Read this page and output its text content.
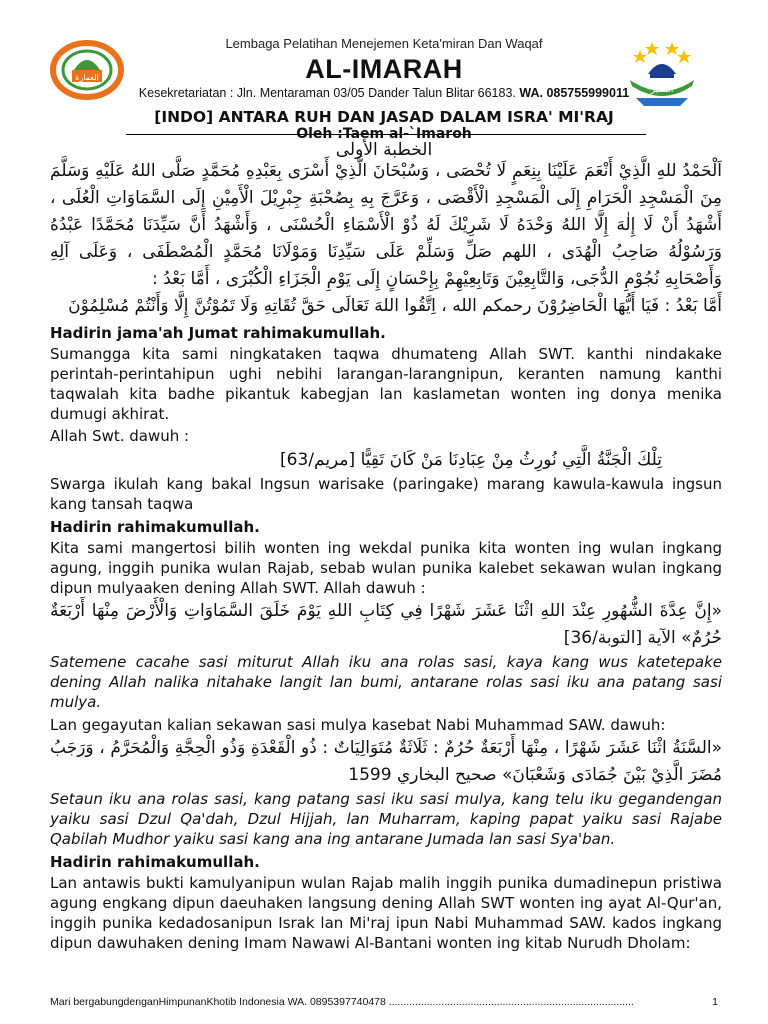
العمارة
Lembaga Pelatihan Menejemen Keta'miran Dan Waqaf
AL-IMARAH
Kesekretariatan : Jln. Mentaraman 03/05 Dander Talun Blitar 66183. WA. 085755999011	الفمير
[INDO] ANTARA RUH DAN JASAD DALAM ISRA' MI'RAJ
Oleh :Taem al-`Imaroh
الخطبة الأولى

اَلْحَمْدُ للهِ الَّذِيْ أَنْعَمَ عَلَيْنَا بِنِعَمٍ لَا تُحْصَى ، وَسُبْحَانَ الَّذِيْ أَسْرَى بِعَبْدِهِ مُحَمَّدٍ صَلَّى اللهُ عَلَيْهِ وَسَلَّمَ مِنَ الْمَسْجِدِ الْحَرَامِ إِلَى الْمَسْجِدِ الْأَقْصَى ، وَعَرَّجَ بِهِ بِصُحْبَةِ جِبْرِيْلَ الْأَمِيْنِ إِلَى السَّمَاوَاتِ الْعُلَى ، أَشْهَدُ أَنْ لَا إِلٰهَ إِلَّا اللهُ وَحْدَهُ لَا شَرِيْكَ لَهُ ذُوْ الْأَسْمَاءِ الْحُسْنَى ، وَأَشْهَدُ أَنَّ سَيِّدَنَا مُحَمَّدًا عَبْدُهُ وَرَسُوْلُهُ صَاحِبُ الْهُدَى ، اللهم صَلِّ وَسَلِّمْ عَلَى سَيِّدِنَا وَمَوْلَانَا مُحَمَّدٍ الْمُصْطَفَى ، وَعَلَى آلِهِ وَأَصْحَابِهِ نُجُوْمِ الدُّجَى، وَالتَّابِعِيْنَ وَتَابِعِيْهِمْ بِإِحْسَانٍ إِلَى يَوْمِ الْجَزَاءِ الْكُبْرَى ، أَمَّا بَعْدُ :

أَمَّا بَعْدُ : فَيَا أَيُّهَا الْحَاضِرُوْنَ رحمكم الله ، اِتَّقُوا اللهَ تَعَالَى حَقَّ تُقَاتِهِ وَلَا تَمُوْتُنَّ إِلَّا وَأَنْتُمْ مُسْلِمُوْنَ

Hadirin jama'ah Jumat rahimakumullah.

Sumangga kita sami ningkataken taqwa dhumateng Allah SWT. kanthi nindakake perintah-perintahipun ughi nebihi larangan-larangnipun, keranten namung kanthi taqwalah kita badhe pikantuk kabegjan lan kaslametan wonten ing donya menika dumugi akhirat.

Allah Swt. dawuh :

تِلْكَ الْجَنَّةُ الَّتِي نُورِثُ مِنْ عِبَادِنَا مَنْ كَانَ تَقِيًّا [مريم/63]

Swarga ikulah kang bakal Ingsun warisake (paringake) marang kawula-kawula ingsun kang tansah taqwa

Hadirin rahimakumullah.

Kita sami mangertosi bilih wonten ing wekdal punika kita wonten ing wulan ingkang agung, inggih punika wulan Rajab, sebab wulan punika kalebet sekawan wulan ingkang dipun mulyaaken dening Allah SWT. Allah dawuh :

«إِنَّ عِدَّةَ الشُّهُورِ عِنْدَ اللهِ اثْنَا عَشَرَ شَهْرًا فِي كِتَابِ اللهِ يَوْمَ خَلَقَ السَّمَاوَاتِ وَالْأَرْضَ مِنْهَا أَرْبَعَةٌ حُرُمٌ» الآية [التوبة/36]

Satemene cacahe sasi miturut Allah iku ana rolas sasi, kaya kang wus katetepake dening Allah nalika nitahake langit lan bumi, antarane rolas sasi iku ana patang sasi mulya.

Lan gegayutan kalian sekawan sasi mulya kasebat Nabi Muhammad SAW. dawuh:

«السَّنَةُ اثْنَا عَشَرَ شَهْرًا ، مِنْهَا أَرْبَعَةٌ حُرُمٌ : ثَلَاثَةٌ مُتَوَالِيَاتٌ : ذُو الْقَعْدَةِ وَذُو الْحِجَّةِ وَالْمُحَرَّمُ ، وَرَجَبُ مُضَرَ الَّذِيْ بَيْنَ جُمَادَى وَشَعْبَانَ» صحيح البخاري 1599

Setaun iku ana rolas sasi, kang patang sasi iku sasi mulya, kang telu iku gegandengan yaiku sasi Dzul Qa'dah, Dzul Hijjah, lan Muharram, kaping papat yaiku sasi Rajabe Qabilah Mudhor yaiku sasi kang ana ing antarane Jumada lan sasi Sya'ban.

Hadirin rahimakumullah.

Lan antawis bukti kamulyanipun wulan Rajab malih inggih punika dumadinepun pristiwa agung engkang dipun daeuhaken langsung dening Allah SWT wonten ing ayat Al-Qur'an, inggih punika kedadosanipun Israk lan Mi'raj ipun Nabi Muhammad SAW. kados ingkang dipun dawuhaken dening Imam Nawawi Al-Bantani wonten ing kitab Nurudh Dholam:

Mari bergabungdenganHimpunanKhotib Indonesia WA. 0895397740478 ....................................................................................	1
